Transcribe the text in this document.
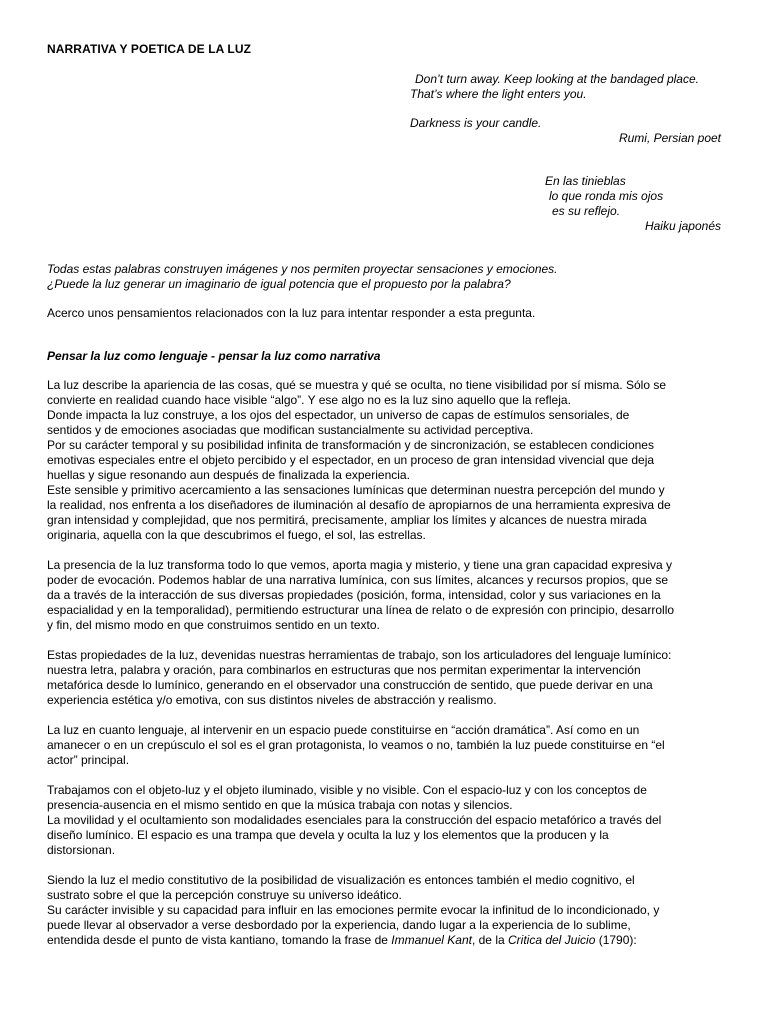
NARRATIVA Y POETICA DE LA LUZ
Don’t turn away. Keep looking at the bandaged place.
That’s where the light enters you.
Darkness is your candle.
Rumi, Persian poet
En las tinieblas
lo que ronda mis ojos
es su reflejo.
Haiku japonés
Todas estas palabras construyen imágenes y nos permiten proyectar sensaciones y emociones.
¿Puede la luz generar un imaginario de igual potencia que el propuesto por la palabra?
Acerco unos pensamientos relacionados con la luz para intentar responder a esta pregunta.
Pensar la luz como lenguaje - pensar la luz como narrativa

La luz describe la apariencia de las cosas, qué se muestra y qué se oculta, no tiene visibilidad por sí misma. Sólo se
convierte en realidad cuando hace visible “algo”. Y ese algo no es la luz sino aquello que la refleja.
Donde impacta la luz construye, a los ojos del espectador, un universo de capas de estímulos sensoriales, de
sentidos y de emociones asociadas que modifican sustancialmente su actividad perceptiva.
Por su carácter temporal y su posibilidad infinita de transformación y de sincronización, se establecen condiciones
emotivas especiales entre el objeto percibido y el espectador, en un proceso de gran intensidad vivencial que deja
huellas y sigue resonando aun después de finalizada la experiencia.
Este sensible y primitivo acercamiento a las sensaciones lumínicas que determinan nuestra percepción del mundo y
la realidad, nos enfrenta a los diseñadores de iluminación al desafío de apropiarnos de una herramienta expresiva de
gran intensidad y complejidad, que nos permitirá, precisamente, ampliar los límites y alcances de nuestra mirada
originaria, aquella con la que descubrimos el fuego, el sol, las estrellas.

La presencia de la luz transforma todo lo que vemos, aporta magia y misterio, y tiene una gran capacidad expresiva y
poder de evocación. Podemos hablar de una narrativa lumínica, con sus límites, alcances y recursos propios, que se
da a través de la interacción de sus diversas propiedades (posición, forma, intensidad, color y sus variaciones en la
espacialidad y en la temporalidad), permitiendo estructurar una línea de relato o de expresión con principio, desarrollo
y fin, del mismo modo en que construimos sentido en un texto.

Estas propiedades de la luz, devenidas nuestras herramientas de trabajo, son los articuladores del lenguaje lumínico:
nuestra letra, palabra y oración, para combinarlos en estructuras que nos permitan experimentar la intervención
metafórica desde lo lumínico, generando en el observador una construcción de sentido, que puede derivar en una
experiencia estética y/o emotiva, con sus distintos niveles de abstracción y realismo.

La luz en cuanto lenguaje, al intervenir en un espacio puede constituirse en “acción dramática”. Así como en un
amanecer o en un crepúsculo el sol es el gran protagonista, lo veamos o no, también la luz puede constituirse en “el
actor” principal.

Trabajamos con el objeto-luz y el objeto iluminado, visible y no visible. Con el espacio-luz y con los conceptos de
presencia-ausencia en el mismo sentido en que la música trabaja con notas y silencios.
La movilidad y el ocultamiento son modalidades esenciales para la construcción del espacio metafórico a través del
diseño lumínico. El espacio es una trampa que devela y oculta la luz y los elementos que la producen y la
distorsionan.

Siendo la luz el medio constitutivo de la posibilidad de visualización es entonces también el medio cognitivo, el
sustrato sobre el que la percepción construye su universo ideático.
Su carácter invisible y su capacidad para influir en las emociones permite evocar la infinitud de lo incondicionado, y
puede llevar al observador a verse desbordado por la experiencia, dando lugar a la experiencia de lo sublime,
entendida desde el punto de vista kantiano, tomando la frase de Immanuel Kant, de la Critica del Juicio (1790):
